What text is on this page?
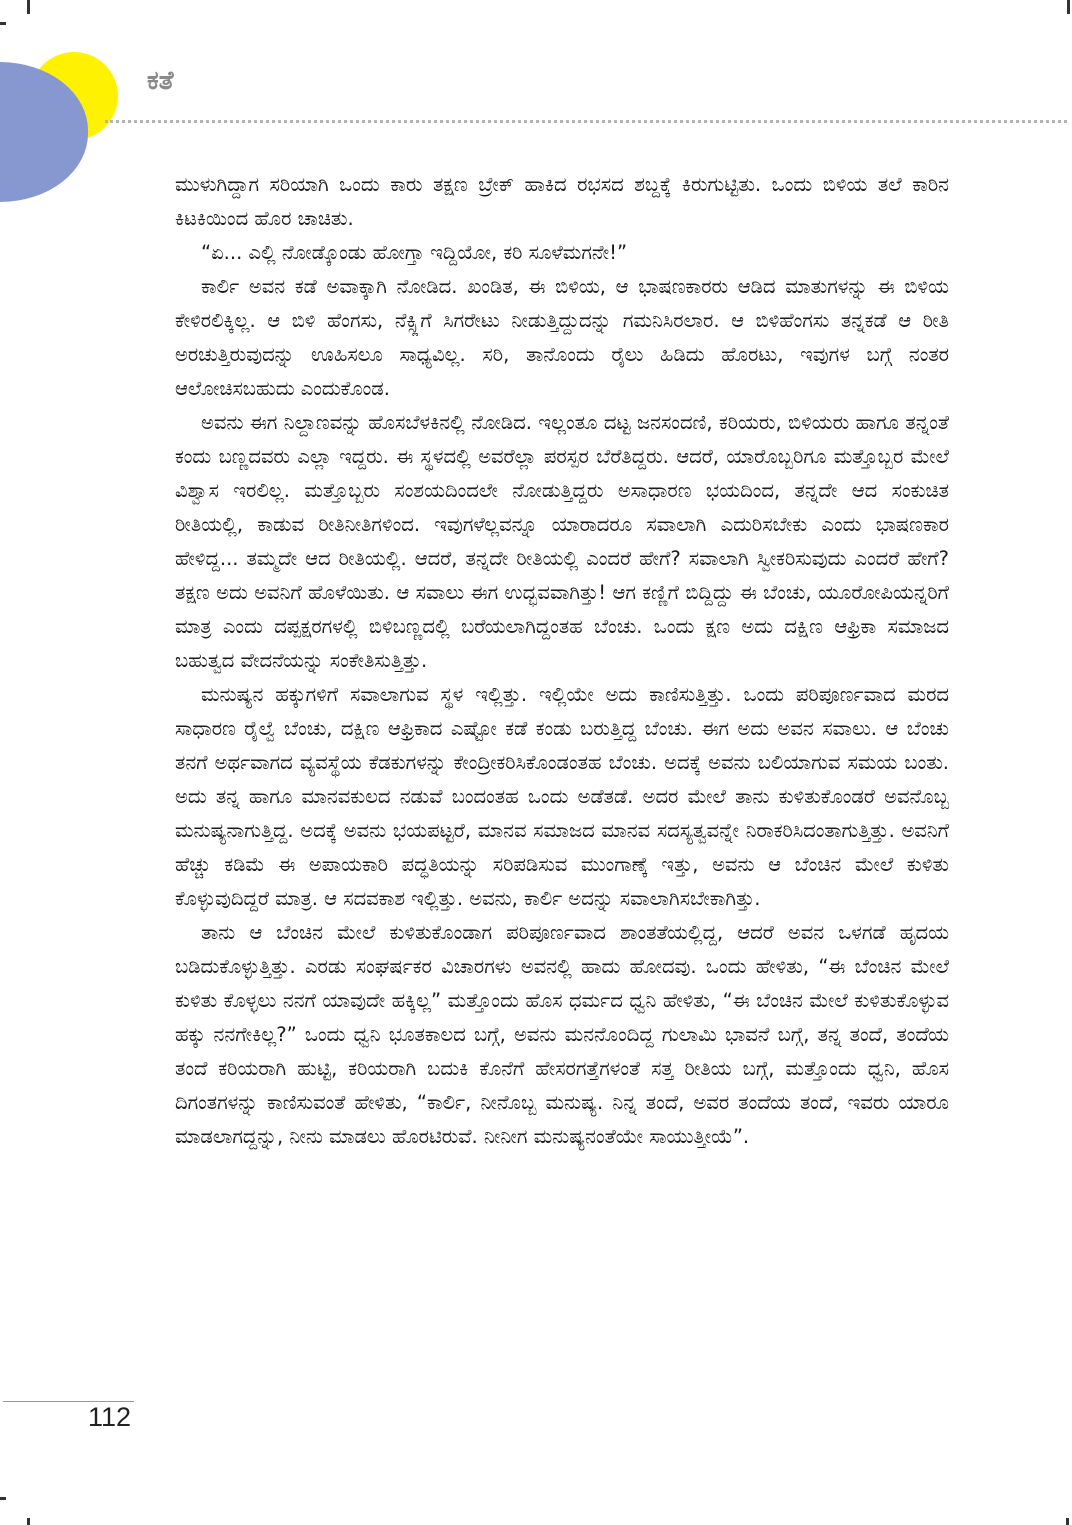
ಕತೆ

ಮುಳುಗಿದ್ದಾಗ ಸರಿಯಾಗಿ ಒಂದು ಕಾರು ತಕ್ಷಣ ಬ್ರೇಕ್ ಹಾಕಿದ ರಭಸದ ಶಬ್ದಕ್ಕೆ ಕಿರುಗುಟ್ಟಿತು. ಒಂದು ಬಿಳಿಯ ತಲೆ ಕಾರಿನ ಕಿಟಕಿಯಿಂದ ಹೊರ ಚಾಚಿತು.

“ಏ... ಎಲ್ಲಿ ನೋಡ್ಕೊಂಡು ಹೋಗ್ತಾ ಇದ್ದಿಯೋ, ಕರಿ ಸೂಳೆಮಗನೇ!”

ಕಾರ್ಲಿ ಅವನ ಕಡೆ ಅವಾಕ್ಕಾಗಿ ನೋಡಿದ. ಖಂಡಿತ, ಈ ಬಿಳಿಯ, ಆ ಭಾಷಣಕಾರರು ಆಡಿದ ಮಾತುಗಳನ್ನು ಈ ಬಿಳಿಯ ಕೇಳಿರಲಿಕ್ಕಿಲ್ಲ. ಆ ಬಿಳಿ ಹೆಂಗಸು, ನೆಕ್ಸ್ಲಿಗೆ ಸಿಗರೇಟು ನೀಡುತ್ತಿದ್ದುದನ್ನು ಗಮನಿಸಿರಲಾರ. ಆ ಬಿಳಿಹೆಂಗಸು ತನ್ನಕಡೆ ಆ ರೀತಿ ಅರಚುತ್ತಿರುವುದನ್ನು ಊಹಿಸಲೂ ಸಾಧ್ಯವಿಲ್ಲ. ಸರಿ, ತಾನೊಂದು ರೈಲು ಹಿಡಿದು ಹೊರಟು, ಇವುಗಳ ಬಗ್ಗೆ ನಂತರ ಆಲೋಚಿಸಬಹುದು ಎಂದುಕೊಂಡ.

ಅವನು ಈಗ ನಿಲ್ದಾಣವನ್ನು ಹೊಸಬೆಳಕಿನಲ್ಲಿ ನೋಡಿದ. ಇಲ್ಲಂತೂ ದಟ್ಟ ಜನಸಂದಣಿ, ಕರಿಯರು, ಬಿಳಿಯರು ಹಾಗೂ ತನ್ನಂತೆ ಕಂದು ಬಣ್ಣದವರು ಎಲ್ಲಾ ಇದ್ದರು. ಈ ಸ್ಥಳದಲ್ಲಿ ಅವರೆಲ್ಲಾ ಪರಸ್ಪರ ಬೆರೆತಿದ್ದರು. ಆದರೆ, ಯಾರೊಬ್ಬರಿಗೂ ಮತ್ತೊಬ್ಬರ ಮೇಲೆ ವಿಶ್ವಾಸ ಇರಲಿಲ್ಲ. ಮತ್ತೊಬ್ಬರು ಸಂಶಯದಿಂದಲೇ ನೋಡುತ್ತಿದ್ದರು ಅಸಾಧಾರಣ ಭಯದಿಂದ, ತನ್ನದೇ ಆದ ಸಂಕುಚಿತ ರೀತಿಯಲ್ಲಿ, ಕಾಡುವ ರೀತಿನೀತಿಗಳಿಂದ. ಇವುಗಳೆಲ್ಲವನ್ನೂ ಯಾರಾದರೂ ಸವಾಲಾಗಿ ಎದುರಿಸಬೇಕು ಎಂದು ಭಾಷಣಕಾರ ಹೇಳಿದ್ದ... ತಮ್ಮದೇ ಆದ ರೀತಿಯಲ್ಲಿ. ಆದರೆ, ತನ್ನದೇ ರೀತಿಯಲ್ಲಿ ಎಂದರೆ ಹೇಗೆ? ಸವಾಲಾಗಿ ಸ್ವೀಕರಿಸುವುದು ಎಂದರೆ ಹೇಗೆ? ತಕ್ಷಣ ಅದು ಅವನಿಗೆ ಹೊಳೆಯಿತು. ಆ ಸವಾಲು ಈಗ ಉದ್ಭವವಾಗಿತ್ತು! ಆಗ ಕಣ್ಣಿಗೆ ಬಿದ್ದಿದ್ದು ಈ ಬೆಂಚು, ಯೂರೋಪಿಯನ್ನರಿಗೆ ಮಾತ್ರ ಎಂದು ದಪ್ಪಕ್ಷರಗಳಲ್ಲಿ ಬಿಳಿಬಣ್ಣದಲ್ಲಿ ಬರೆಯಲಾಗಿದ್ದಂತಹ ಬೆಂಚು. ಒಂದು ಕ್ಷಣ ಅದು ದಕ್ಷಿಣ ಆಫ್ರಿಕಾ ಸಮಾಜದ ಬಹುತ್ವದ ವೇದನೆಯನ್ನು ಸಂಕೇತಿಸುತ್ತಿತ್ತು.

ಮನುಷ್ಯನ ಹಕ್ಕುಗಳಿಗೆ ಸವಾಲಾಗುವ ಸ್ಥಳ ಇಲ್ಲಿತ್ತು. ಇಲ್ಲಿಯೇ ಅದು ಕಾಣಿಸುತ್ತಿತ್ತು. ಒಂದು ಪರಿಪೂರ್ಣವಾದ ಮರದ ಸಾಧಾರಣ ರೈಲ್ವೆ ಬೆಂಚು, ದಕ್ಷಿಣ ಆಫ್ರಿಕಾದ ಎಷ್ಟೋ ಕಡೆ ಕಂಡು ಬರುತ್ತಿದ್ದ ಬೆಂಚು. ಈಗ ಅದು ಅವನ ಸವಾಲು. ಆ ಬೆಂಚು ತನಗೆ ಅರ್ಥವಾಗದ ವ್ಯವಸ್ಥೆಯ ಕೆಡಕುಗಳನ್ನು ಕೇಂದ್ರೀಕರಿಸಿಕೊಂಡಂತಹ ಬೆಂಚು. ಅದಕ್ಕೆ ಅವನು ಬಲಿಯಾಗುವ ಸಮಯ ಬಂತು. ಅದು ತನ್ನ ಹಾಗೂ ಮಾನವಕುಲದ ನಡುವೆ ಬಂದಂತಹ ಒಂದು ಅಡೆತಡೆ. ಅದರ ಮೇಲೆ ತಾನು ಕುಳಿತುಕೊಂಡರೆ ಅವನೊಬ್ಬ ಮನುಷ್ಯನಾಗುತ್ತಿದ್ದ. ಅದಕ್ಕೆ ಅವನು ಭಯಪಟ್ಟರೆ, ಮಾನವ ಸಮಾಜದ ಮಾನವ ಸದಸ್ಯತ್ವವನ್ನೇ ನಿರಾಕರಿಸಿದಂತಾಗುತ್ತಿತ್ತು. ಅವನಿಗೆ ಹೆಚ್ಚು ಕಡಿಮೆ ಈ ಅಪಾಯಕಾರಿ ಪದ್ಧತಿಯನ್ನು ಸರಿಪಡಿಸುವ ಮುಂಗಾಣ್ಕೆ ಇತ್ತು, ಅವನು ಆ ಬೆಂಚಿನ ಮೇಲೆ ಕುಳಿತು ಕೊಳ್ಳುವುದಿದ್ದರೆ ಮಾತ್ರ. ಆ ಸದವಕಾಶ ಇಲ್ಲಿತ್ತು. ಅವನು, ಕಾರ್ಲಿ ಅದನ್ನು ಸವಾಲಾಗಿಸಬೇಕಾಗಿತ್ತು.

ತಾನು ಆ ಬೆಂಚಿನ ಮೇಲೆ ಕುಳಿತುಕೊಂಡಾಗ ಪರಿಪೂರ್ಣವಾದ ಶಾಂತತೆಯಲ್ಲಿದ್ದ, ಆದರೆ ಅವನ ಒಳಗಡೆ ಹೃದಯ ಬಡಿದುಕೊಳ್ಳುತ್ತಿತ್ತು. ಎರಡು ಸಂಘರ್ಷಕರ ವಿಚಾರಗಳು ಅವನಲ್ಲಿ ಹಾದು ಹೋದವು. ಒಂದು ಹೇಳಿತು, “ಈ ಬೆಂಚಿನ ಮೇಲೆ ಕುಳಿತು ಕೊಳ್ಳಲು ನನಗೆ ಯಾವುದೇ ಹಕ್ಕಿಲ್ಲ” ಮತ್ತೊಂದು ಹೊಸ ಧರ್ಮದ ಧ್ವನಿ ಹೇಳಿತು, “ಈ ಬೆಂಚಿನ ಮೇಲೆ ಕುಳಿತುಕೊಳ್ಳುವ ಹಕ್ಕು ನನಗೇಕಿಲ್ಲ?” ಒಂದು ಧ್ವನಿ ಭೂತಕಾಲದ ಬಗ್ಗೆ, ಅವನು ಮನನೊಂದಿದ್ದ ಗುಲಾಮಿ ಭಾವನೆ ಬಗ್ಗೆ, ತನ್ನ ತಂದೆ, ತಂದೆಯ ತಂದೆ ಕರಿಯರಾಗಿ ಹುಟ್ಟಿ, ಕರಿಯರಾಗಿ ಬದುಕಿ ಕೊನೆಗೆ ಹೇಸರಗತ್ತೆಗಳಂತೆ ಸತ್ತ ರೀತಿಯ ಬಗ್ಗೆ, ಮತ್ತೊಂದು ಧ್ವನಿ, ಹೊಸ ದಿಗಂತಗಳನ್ನು ಕಾಣಿಸುವಂತೆ ಹೇಳಿತು, “ಕಾರ್ಲಿ, ನೀನೊಬ್ಬ ಮನುಷ್ಯ. ನಿನ್ನ ತಂದೆ, ಅವರ ತಂದೆಯ ತಂದೆ, ಇವರು ಯಾರೂ ಮಾಡಲಾಗದ್ದನ್ನು, ನೀನು ಮಾಡಲು ಹೊರಟಿರುವೆ. ನೀನೀಗ ಮನುಷ್ಯನಂತೆಯೇ ಸಾಯುತ್ತೀಯೆ”.

112
